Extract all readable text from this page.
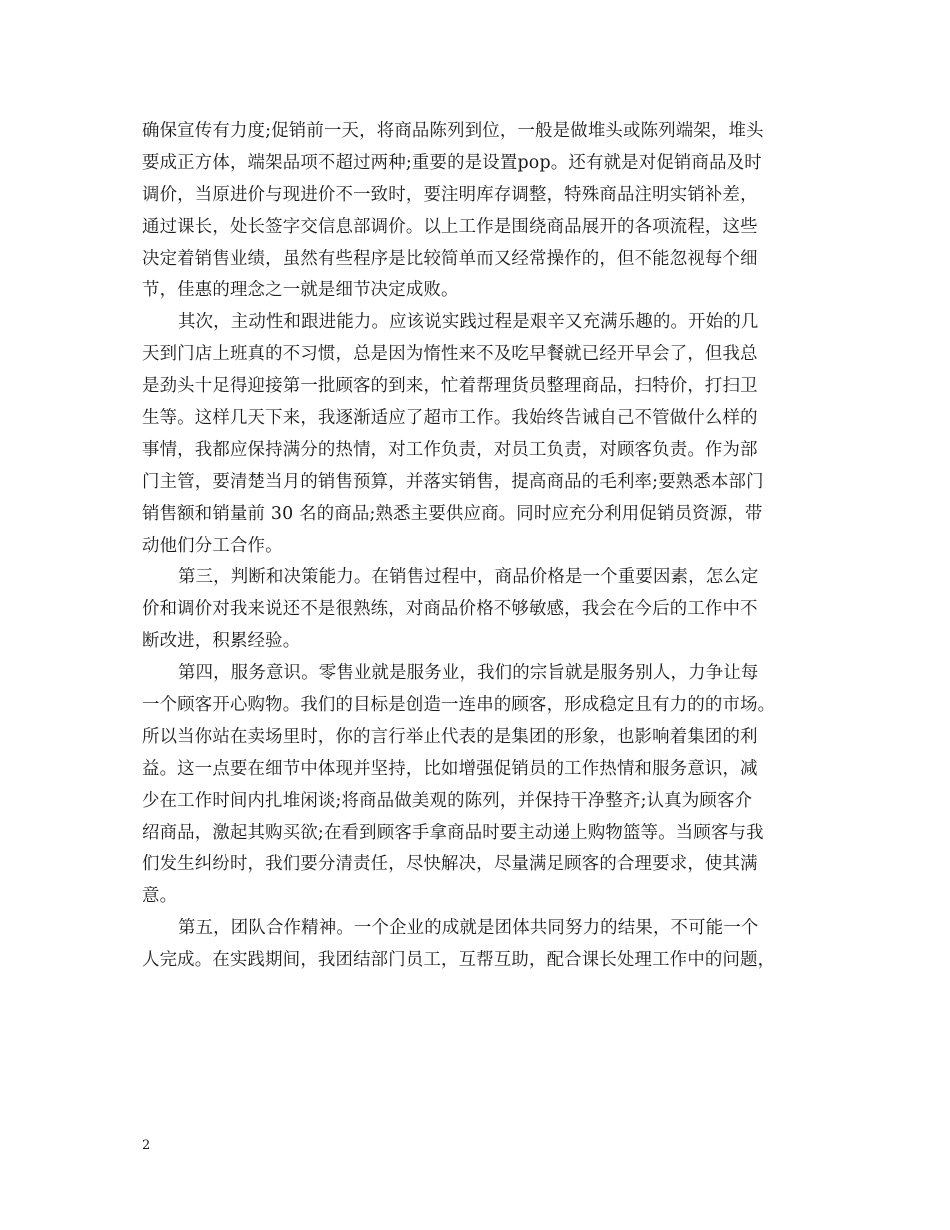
确保宣传有力度;促销前一天，将商品陈列到位，一般是做堆头或陈列端架，堆头
要成正方体，端架品项不超过两种;重要的是设置pop。还有就是对促销商品及时
调价，当原进价与现进价不一致时，要注明库存调整，特殊商品注明实销补差，
通过课长，处长签字交信息部调价。以上工作是围绕商品展开的各项流程，这些
决定着销售业绩，虽然有些程序是比较简单而又经常操作的，但不能忽视每个细
节，佳惠的理念之一就是细节决定成败。
其次，主动性和跟进能力。应该说实践过程是艰辛又充满乐趣的。开始的几
天到门店上班真的不习惯，总是因为惰性来不及吃早餐就已经开早会了，但我总
是劲头十足得迎接第一批顾客的到来，忙着帮理货员整理商品，扫特价，打扫卫
生等。这样几天下来，我逐渐适应了超市工作。我始终告诫自己不管做什么样的
事情，我都应保持满分的热情，对工作负责，对员工负责，对顾客负责。作为部
门主管，要清楚当月的销售预算，并落实销售，提高商品的毛利率;要熟悉本部门
销售额和销量前 30 名的商品;熟悉主要供应商。同时应充分利用促销员资源，带
动他们分工合作。
第三，判断和决策能力。在销售过程中，商品价格是一个重要因素，怎么定
价和调价对我来说还不是很熟练，对商品价格不够敏感，我会在今后的工作中不
断改进，积累经验。
第四，服务意识。零售业就是服务业，我们的宗旨就是服务别人，力争让每
一个顾客开心购物。我们的目标是创造一连串的顾客，形成稳定且有力的的市场。
所以当你站在卖场里时，你的言行举止代表的是集团的形象，也影响着集团的利
益。这一点要在细节中体现并坚持，比如增强促销员的工作热情和服务意识，减
少在工作时间内扎堆闲谈;将商品做美观的陈列，并保持干净整齐;认真为顾客介
绍商品，激起其购买欲;在看到顾客手拿商品时要主动递上购物篮等。当顾客与我
们发生纠纷时，我们要分清责任，尽快解决，尽量满足顾客的合理要求，使其满
意。
第五，团队合作精神。一个企业的成就是团体共同努力的结果，不可能一个
人完成。在实践期间，我团结部门员工，互帮互助，配合课长处理工作中的问题，
2
